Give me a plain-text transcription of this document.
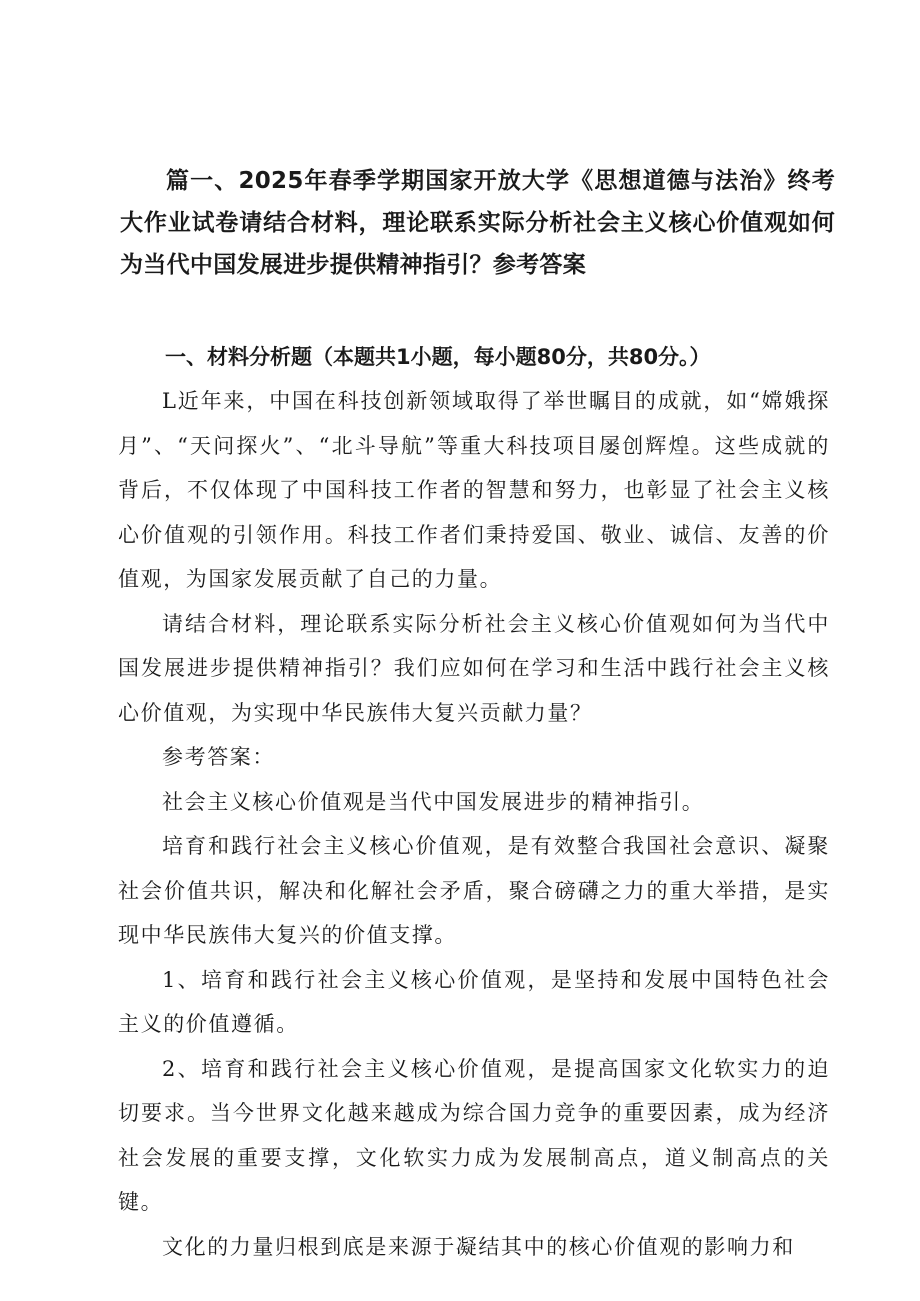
篇一、2025年春季学期国家开放大学《思想道德与法治》终考大作业试卷请结合材料，理论联系实际分析社会主义核心价值观如何为当代中国发展进步提供精神指引？参考答案
一、材料分析题（本题共1小题，每小题80分，共80分。）

L近年来，中国在科技创新领域取得了举世瞩目的成就，如“嫦娥探月”、“天问探火”、“北斗导航”等重大科技项目屡创辉煌。这些成就的背后，不仅体现了中国科技工作者的智慧和努力，也彰显了社会主义核心价值观的引领作用。科技工作者们秉持爱国、敬业、诚信、友善的价值观，为国家发展贡献了自己的力量。

请结合材料，理论联系实际分析社会主义核心价值观如何为当代中国发展进步提供精神指引？我们应如何在学习和生活中践行社会主义核心价值观，为实现中华民族伟大复兴贡献力量？

参考答案：

社会主义核心价值观是当代中国发展进步的精神指引。

培育和践行社会主义核心价值观，是有效整合我国社会意识、凝聚社会价值共识，解决和化解社会矛盾，聚合磅礴之力的重大举措，是实现中华民族伟大复兴的价值支撑。

1、培育和践行社会主义核心价值观，是坚持和发展中国特色社会主义的价值遵循。

2、培育和践行社会主义核心价值观，是提高国家文化软实力的迫切要求。当今世界文化越来越成为综合国力竞争的重要因素，成为经济社会发展的重要支撑，文化软实力成为发展制高点，道义制高点的关键。

文化的力量归根到底是来源于凝结其中的核心价值观的影响力和
